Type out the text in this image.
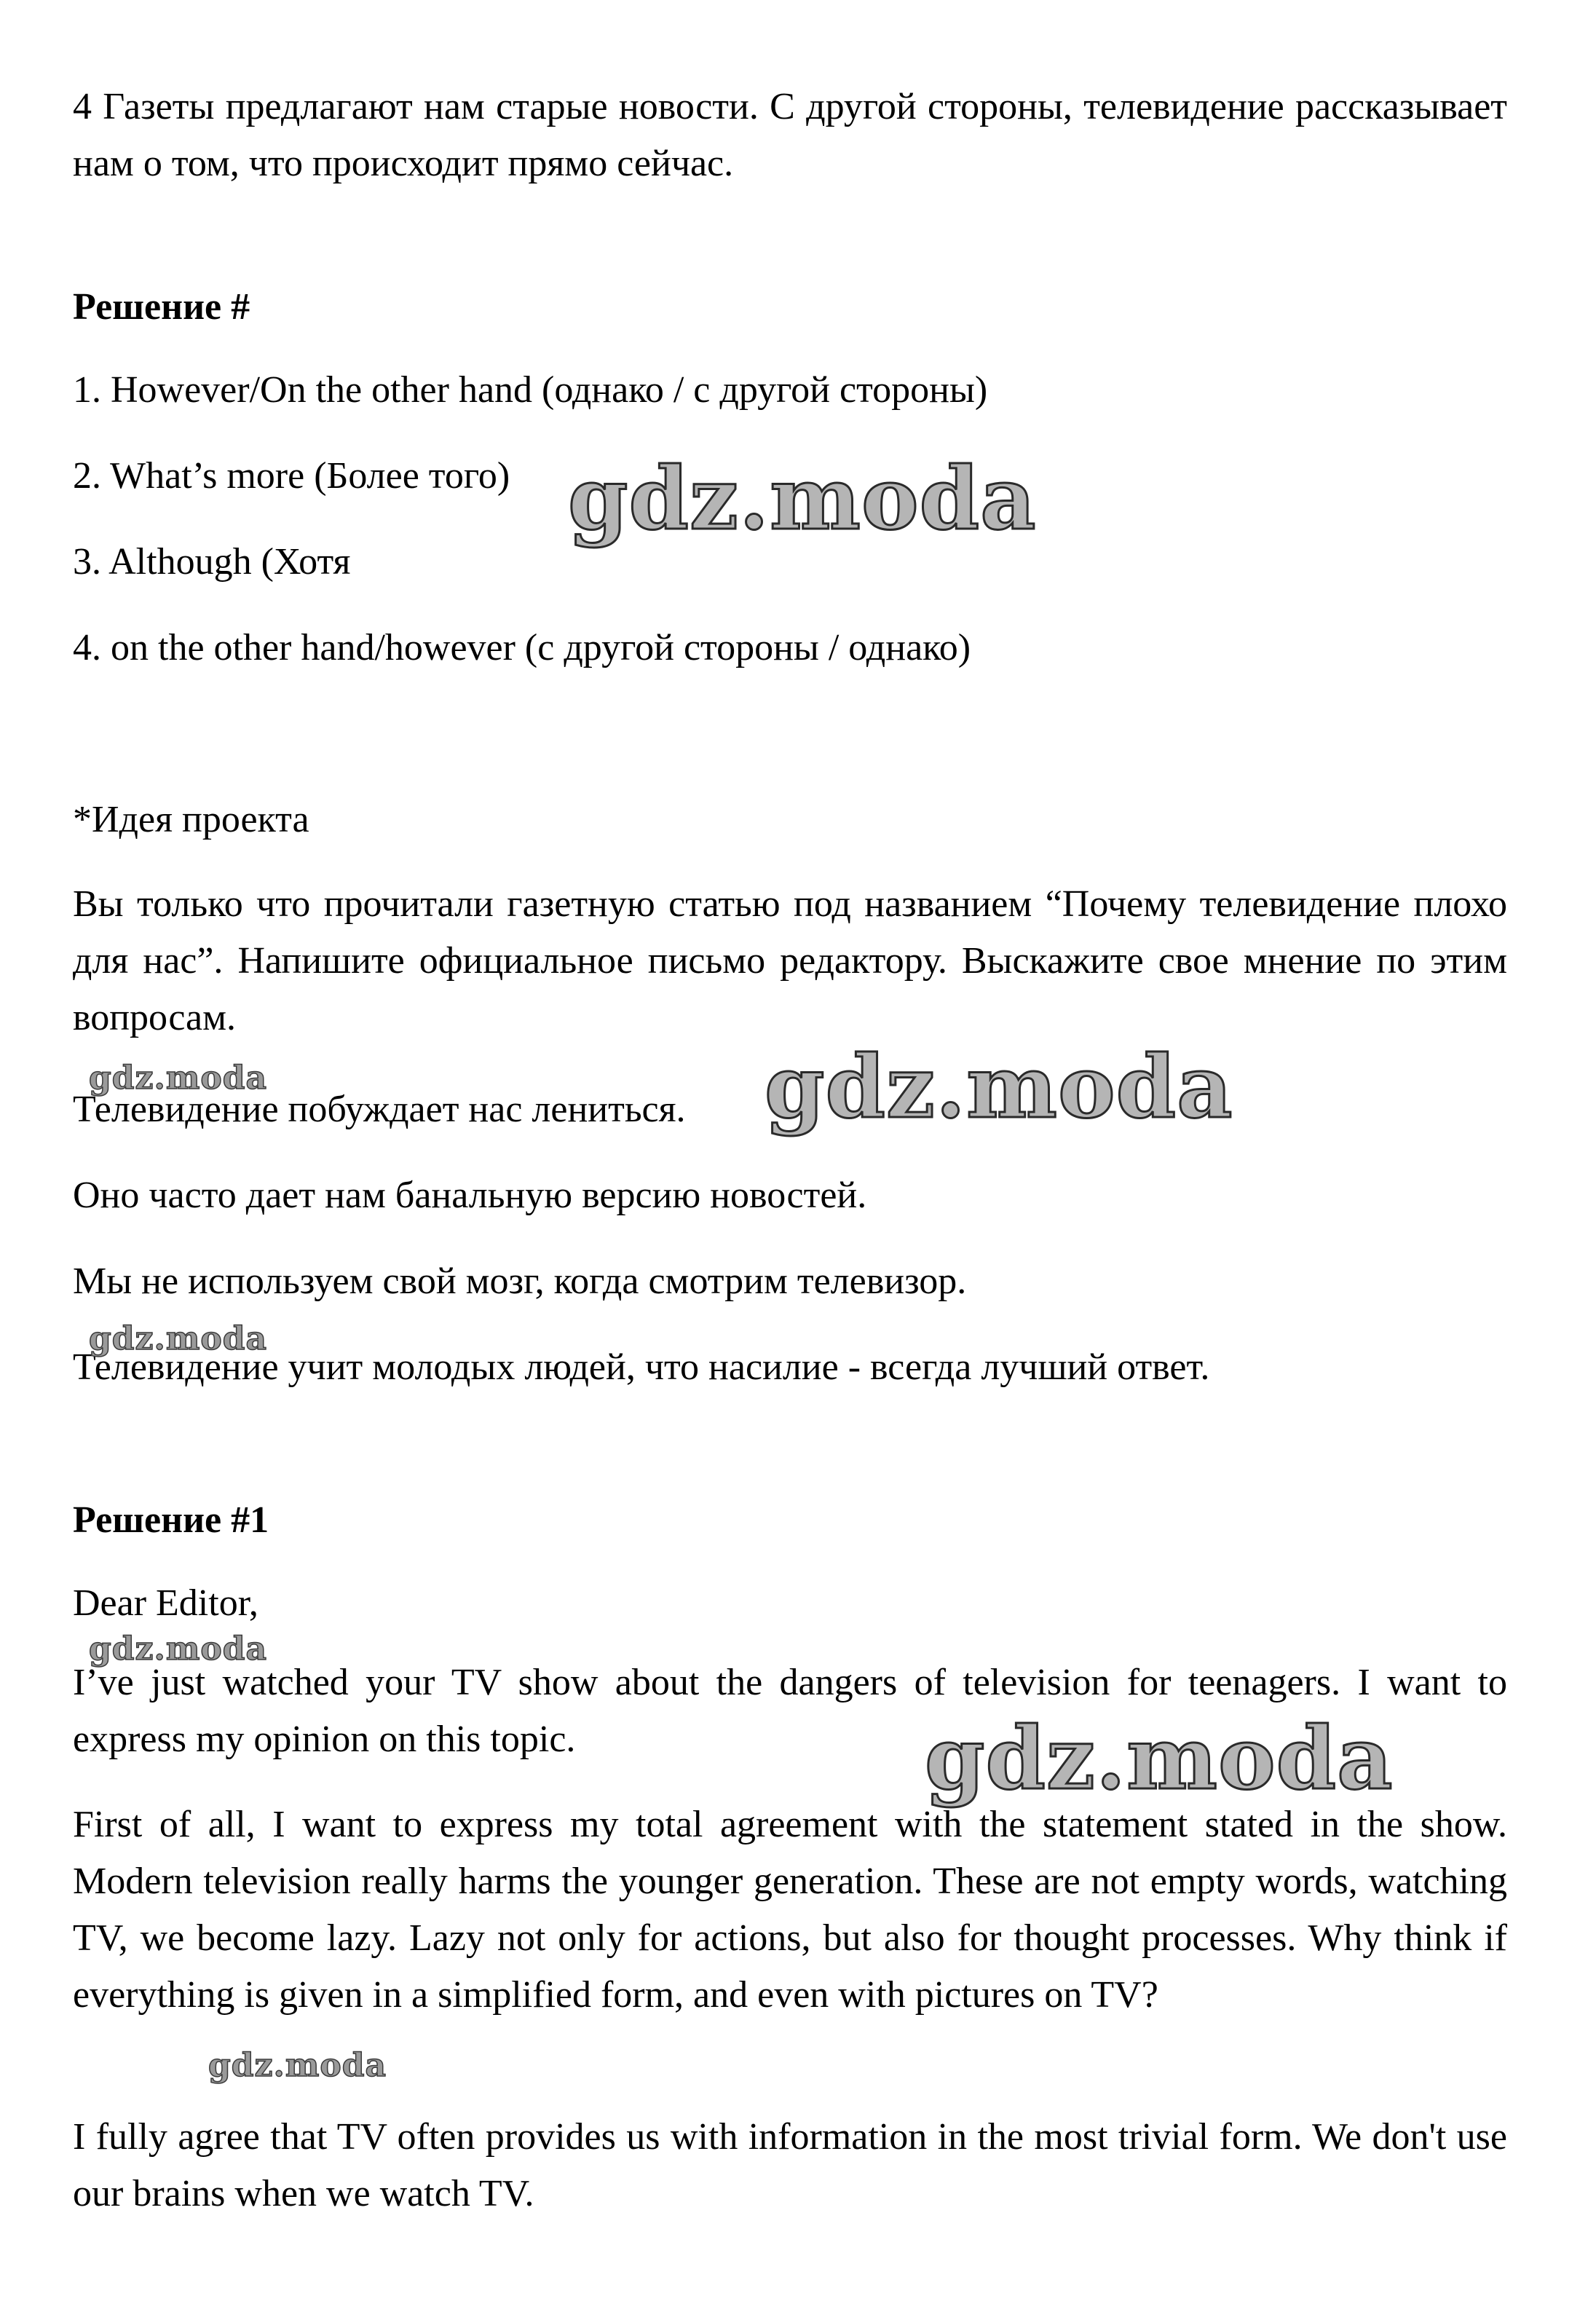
4 Газеты предлагают нам старые новости. С другой стороны, телевидение рассказывает нам о том, что происходит прямо сейчас.

Решение #

1. However/On the other hand (однако / с другой стороны)

2. What’s more (Более того)

3. Although (Хотя

4. on the other hand/however (с другой стороны / однако)

*Идея проекта

Вы только что прочитали газетную статью под названием “Почему телевидение плохо для нас”. Напишите официальное письмо редактору. Выскажите свое мнение по этим вопросам.

Телевидение побуждает нас лениться.

Оно часто дает нам банальную версию новостей.

Мы не используем свой мозг, когда смотрим телевизор.

Телевидение учит молодых людей, что насилие - всегда лучший ответ.

Решение #1

Dear Editor,

I’ve just watched your TV show about the dangers of television for teenagers. I want to express my opinion on this topic.

First of all, I want to express my total agreement with the statement stated in the show. Modern television really harms the younger generation. These are not empty words, watching TV, we become lazy. Lazy not only for actions, but also for thought processes. Why think if everything is given in a simplified form, and even with pictures on TV?

I fully agree that TV often provides us with information in the most trivial form. We don't use our brains when we watch TV.

gdz.moda
gdz.moda	gdz.moda
gdz.moda
gdz.moda
gdz.moda
gdz.moda
